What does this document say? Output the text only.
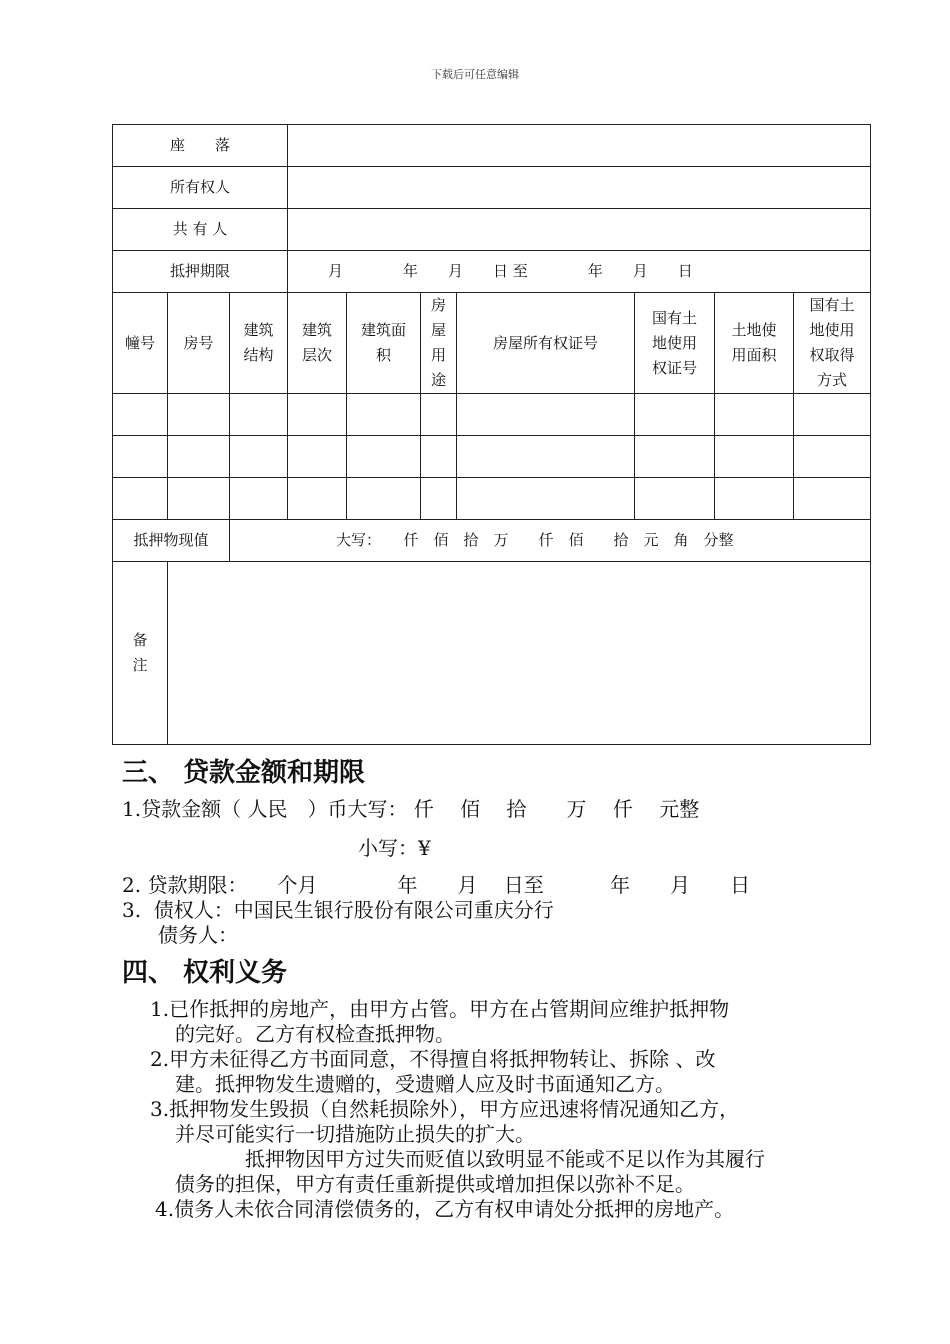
下载后可任意编辑
座　　落									
所有权人									
共 有 人									
抵押期限			月　　　　年　　月　　日 至　　　　年　　月　　日						
幢号	房号	建筑结构	建筑层次	建筑面积	房屋用途	房屋所有权证号	国有土地使用权证号	土地使用面积	国有土地使用权取得方式

抵押物现值		大写：　　仟　佰　拾　万　　仟　佰　　拾　元　角　分整							
备注									
三、 贷款金额和期限
1.贷款金额（ 人民　）币大写： 仟　 佰　 拾　　万　 仟　 元整
小写：¥
2. 贷款期限：　　个月　　　　年　　月　 日至　　　 年　　月　　日
3.  债权人：中国民生银行股份有限公司重庆分行
债务人：
四、 权利义务
1.已作抵押的房地产，由甲方占管。甲方在占管期间应维护抵押物
的完好。乙方有权检查抵押物。
2.甲方未征得乙方书面同意，不得擅自将抵押物转让、拆除 、改
建。抵押物发生遗赠的，受遗赠人应及时书面通知乙方。
3.抵押物发生毁损（自然耗损除外），甲方应迅速将情况通知乙方，
并尽可能实行一切措施防止损失的扩大。
抵押物因甲方过失而贬值以致明显不能或不足以作为其履行
债务的担保，甲方有责任重新提供或增加担保以弥补不足。
4.债务人未依合同清偿债务的，乙方有权申请处分抵押的房地产。
